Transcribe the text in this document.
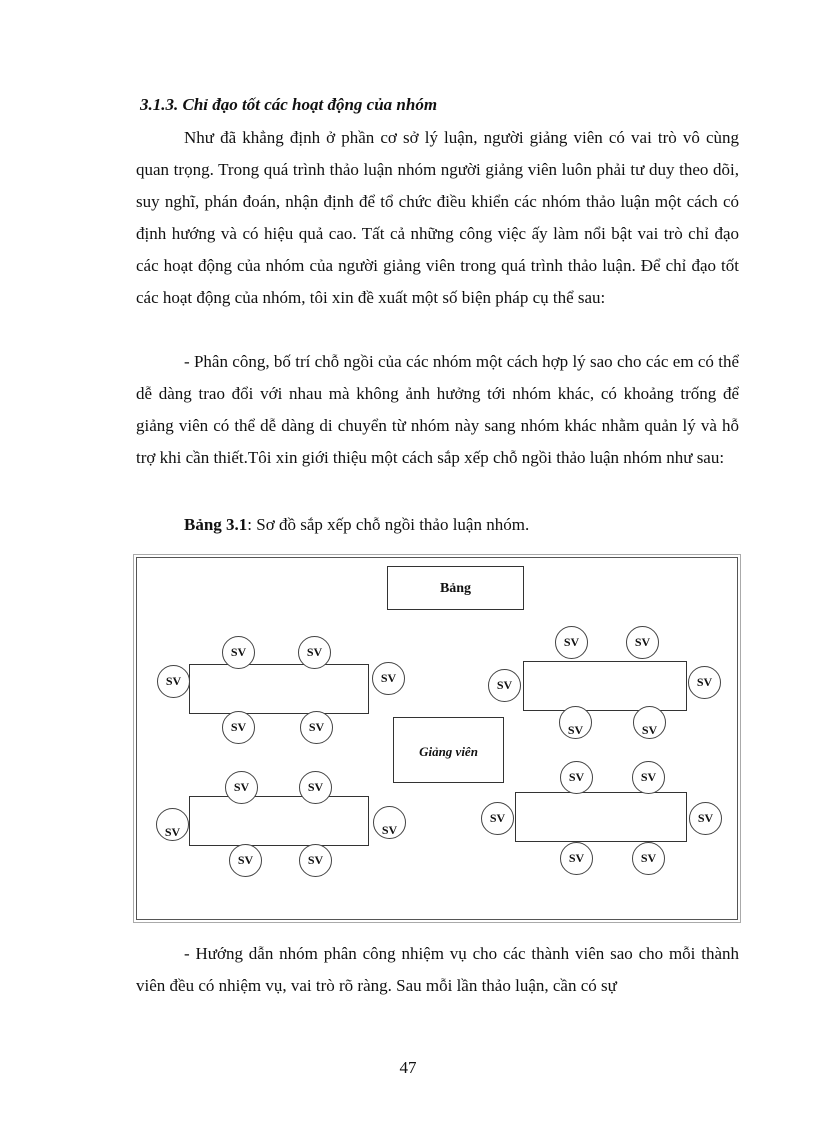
3.1.3. Chỉ đạo tốt các hoạt động của nhóm

Như đã khẳng định ở phần cơ sở lý luận, người giảng viên có vai trò vô cùng quan trọng. Trong quá trình thảo luận nhóm người giảng viên luôn phải tư duy theo dõi, suy nghĩ, phán đoán, nhận định để tổ chức điều khiển các nhóm thảo luận một cách có định hướng và có hiệu quả cao. Tất cả những công việc ấy làm nổi bật vai trò chỉ đạo các hoạt động của nhóm của người giảng viên trong quá trình thảo luận. Để chỉ đạo tốt các hoạt động của nhóm, tôi xin đề xuất một số biện pháp cụ thể sau:

- Phân công, bố trí chỗ ngồi của các nhóm một cách hợp lý sao cho các em có thể dễ dàng trao đổi với nhau mà không ảnh hưởng tới nhóm khác, có khoảng trống để giảng viên có thể dễ dàng di chuyển từ nhóm này sang nhóm khác nhằm quản lý và hỗ trợ khi cần thiết.Tôi xin giới thiệu một cách sắp xếp chỗ ngồi thảo luận nhóm như sau:

Bảng 3.1: Sơ đồ sắp xếp chỗ ngồi thảo luận nhóm.
Bảng
Giảng viên
SV	SV
SV	SV
SV	SV
SV	SV
SV	SV
SV	SV
SV	SV
SV	SV
SV	SV
SV	SV
SV	SV
SV	SV

- Hướng dẫn nhóm phân công nhiệm vụ cho các thành viên sao cho mỗi thành viên đều có nhiệm vụ, vai trò rõ ràng. Sau mỗi lần thảo luận, cần có sự

47
